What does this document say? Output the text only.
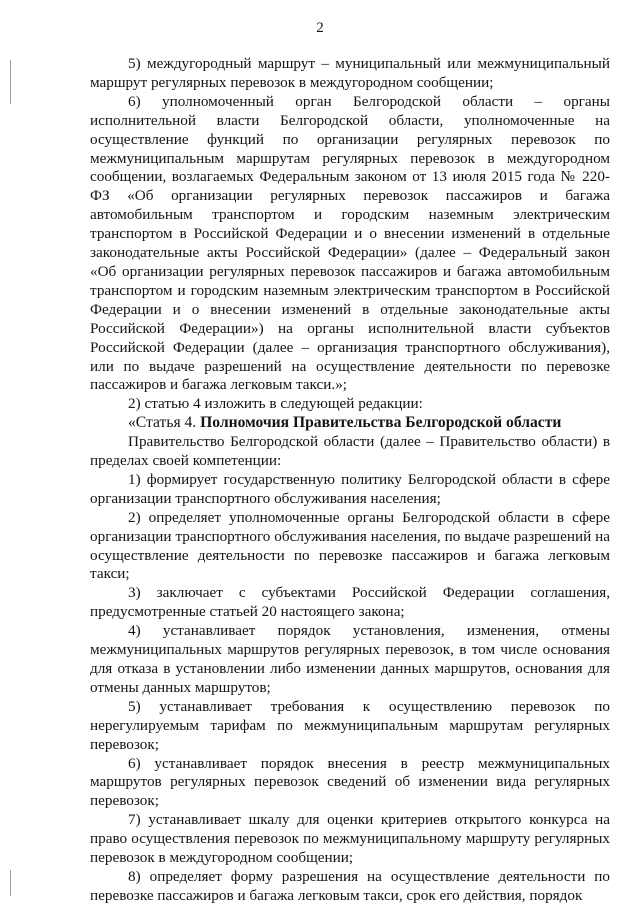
2

5) междугородный маршрут – муниципальный или межмуниципальный маршрут регулярных перевозок в междугородном сообщении;

6) уполномоченный орган Белгородской области – органы исполнительной власти Белгородской области, уполномоченные на осуществление функций по организации регулярных перевозок по межмуниципальным маршрутам регулярных перевозок в междугородном сообщении, возлагаемых Федеральным законом от 13 июля 2015 года № 220-ФЗ «Об организации регулярных перевозок пассажиров и багажа автомобильным транспортом и городским наземным электрическим транспортом в Российской Федерации и о внесении изменений в отдельные законодательные акты Российской Федерации» (далее – Федеральный закон «Об организации регулярных перевозок пассажиров и багажа автомобильным транспортом и городским наземным электрическим транспортом в Российской Федерации и о внесении изменений в отдельные законодательные акты Российской Федерации») на органы исполнительной власти субъектов Российской Федерации (далее – организация транспортного обслуживания), или по выдаче разрешений на осуществление деятельности по перевозке пассажиров и багажа легковым такси.»;

2) статью 4 изложить в следующей редакции:

«Статья 4. Полномочия Правительства Белгородской области

Правительство Белгородской области (далее – Правительство области) в пределах своей компетенции:

1) формирует государственную политику Белгородской области в сфере организации транспортного обслуживания населения;

2) определяет уполномоченные органы Белгородской области в сфере организации транспортного обслуживания населения, по выдаче разрешений на осуществление деятельности по перевозке пассажиров и багажа легковым такси;

3) заключает с субъектами Российской Федерации соглашения, предусмотренные статьей 20 настоящего закона;

4) устанавливает порядок установления, изменения, отмены межмуниципальных маршрутов регулярных перевозок, в том числе основания для отказа в установлении либо изменении данных маршрутов, основания для отмены данных маршрутов;

5) устанавливает требования к осуществлению перевозок по нерегулируемым тарифам по межмуниципальным маршрутам регулярных перевозок;

6) устанавливает порядок внесения в реестр межмуниципальных маршрутов регулярных перевозок сведений об изменении вида регулярных перевозок;

7) устанавливает шкалу для оценки критериев открытого конкурса на право осуществления перевозок по межмуниципальному маршруту регулярных перевозок в междугородном сообщении;

8) определяет форму разрешения на осуществление деятельности по перевозке пассажиров и багажа легковым такси, срок его действия, порядок
